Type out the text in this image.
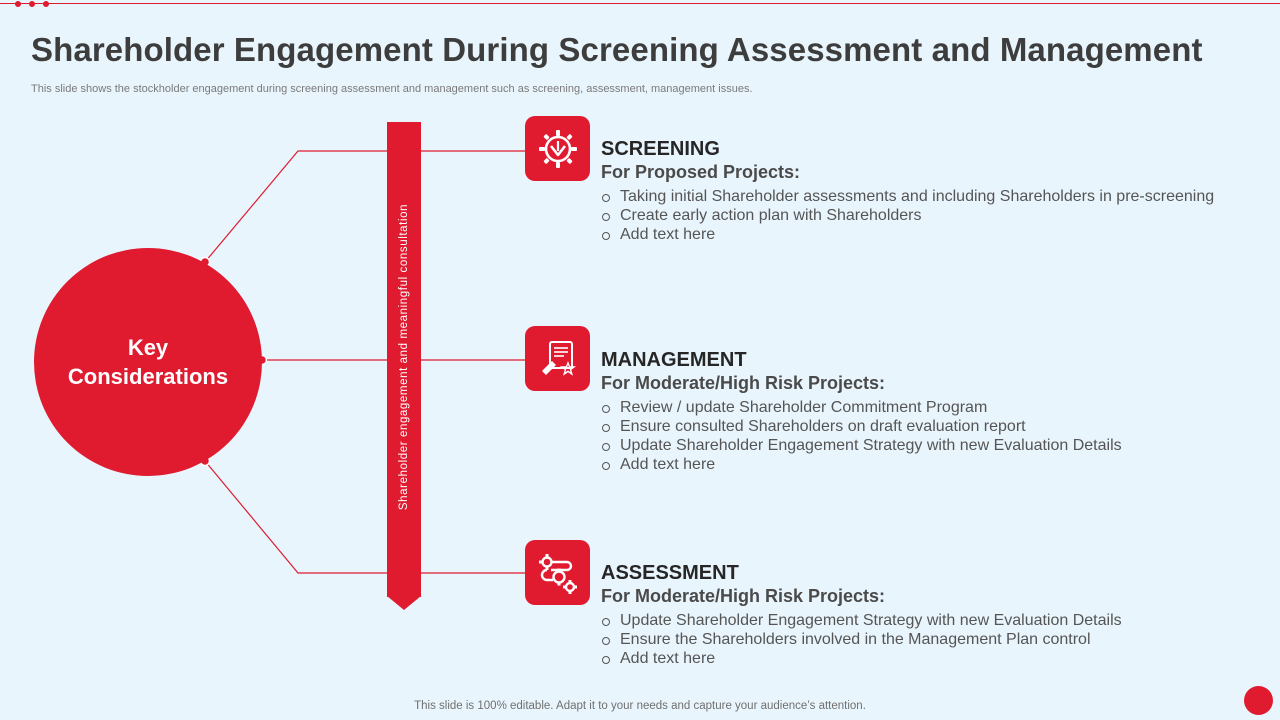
Shareholder Engagement During Screening Assessment and Management
This slide shows the stockholder engagement during screening assessment and management such as screening, assessment, management issues.
Key
Considerations	Shareholder engagement and meaningful consultation
SCREENING
For Proposed Projects:
Taking initial Shareholder assessments and including Shareholders in pre-screening
Create early action plan with Shareholders
Add text here
MANAGEMENT
For Moderate/High Risk Projects:
Review / update Shareholder Commitment Program
Ensure consulted Shareholders on draft evaluation report
Update Shareholder Engagement Strategy with new Evaluation Details
Add text here
ASSESSMENT
For Moderate/High Risk Projects:
Update Shareholder Engagement Strategy with new Evaluation Details
Ensure the Shareholders involved in the Management Plan control
Add text here
This slide is 100% editable. Adapt it to your needs and capture your audience’s attention.
